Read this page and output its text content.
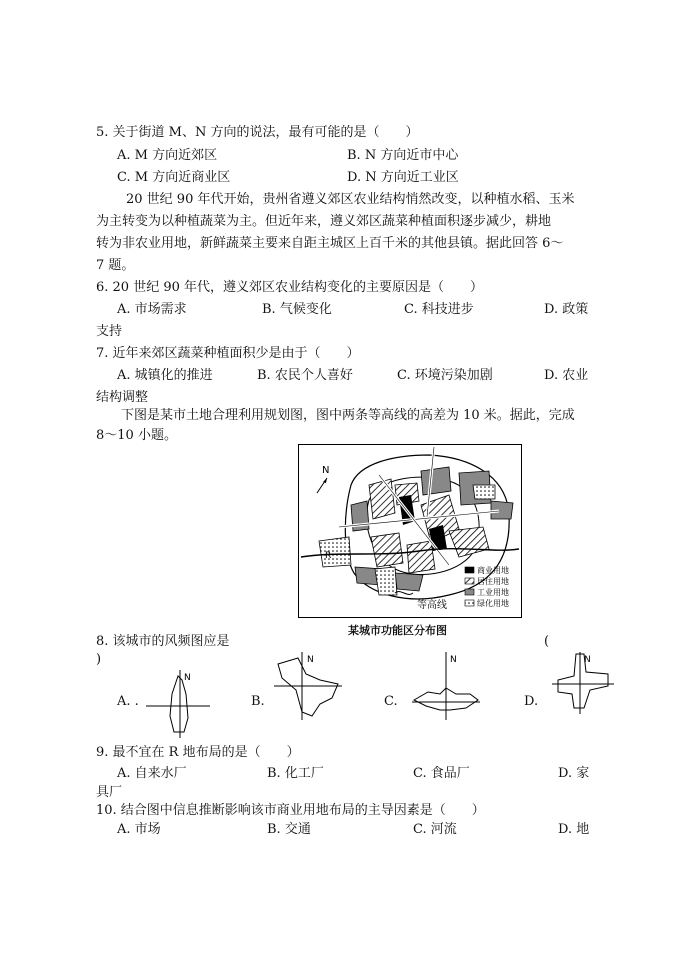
5. 关于街道 M、N 方向的说法，最有可能的是（　　）
A. M 方向近郊区	B. N 方向近市中心
C. M 方向近商业区	D. N 方向近工业区
20 世纪 90 年代开始，贵州省遵义郊区农业结构悄然改变，以种植水稻、玉米
为主转变为以种植蔬菜为主。但近年来，遵义郊区蔬菜种植面积逐步减少，耕地
转为非农业用地，新鲜蔬菜主要来自距主城区上百千米的其他县镇。据此回答 6～
7 题。
6. 20 世纪 90 年代，遵义郊区农业结构变化的主要原因是（　　）
A. 市场需求	B. 气候变化	C. 科技进步	D. 政策
支持
7. 近年来郊区蔬菜种植面积少是由于（　　）
A. 城镇化的推进	B. 农民个人喜好	C. 环境污染加剧	D. 农业
结构调整
下图是某市土地合理利用规划图，图中两条等高线的高差为 10 米。据此，完成
8～10 小题。
N
R
商业用地
居住用地
工业用地
绿化用地
等高线
某城市功能区分布图
8. 该城市的风频图应是	(
)
A. .	B.	C.	D.
N
N	N	N
9. 最不宜在 R 地布局的是（　　）
A. 自来水厂	B. 化工厂	C. 食品厂	D. 家
具厂
10. 结合图中信息推断影响该市商业用地布局的主导因素是（　　）
A. 市场	B. 交通	C. 河流	D. 地
